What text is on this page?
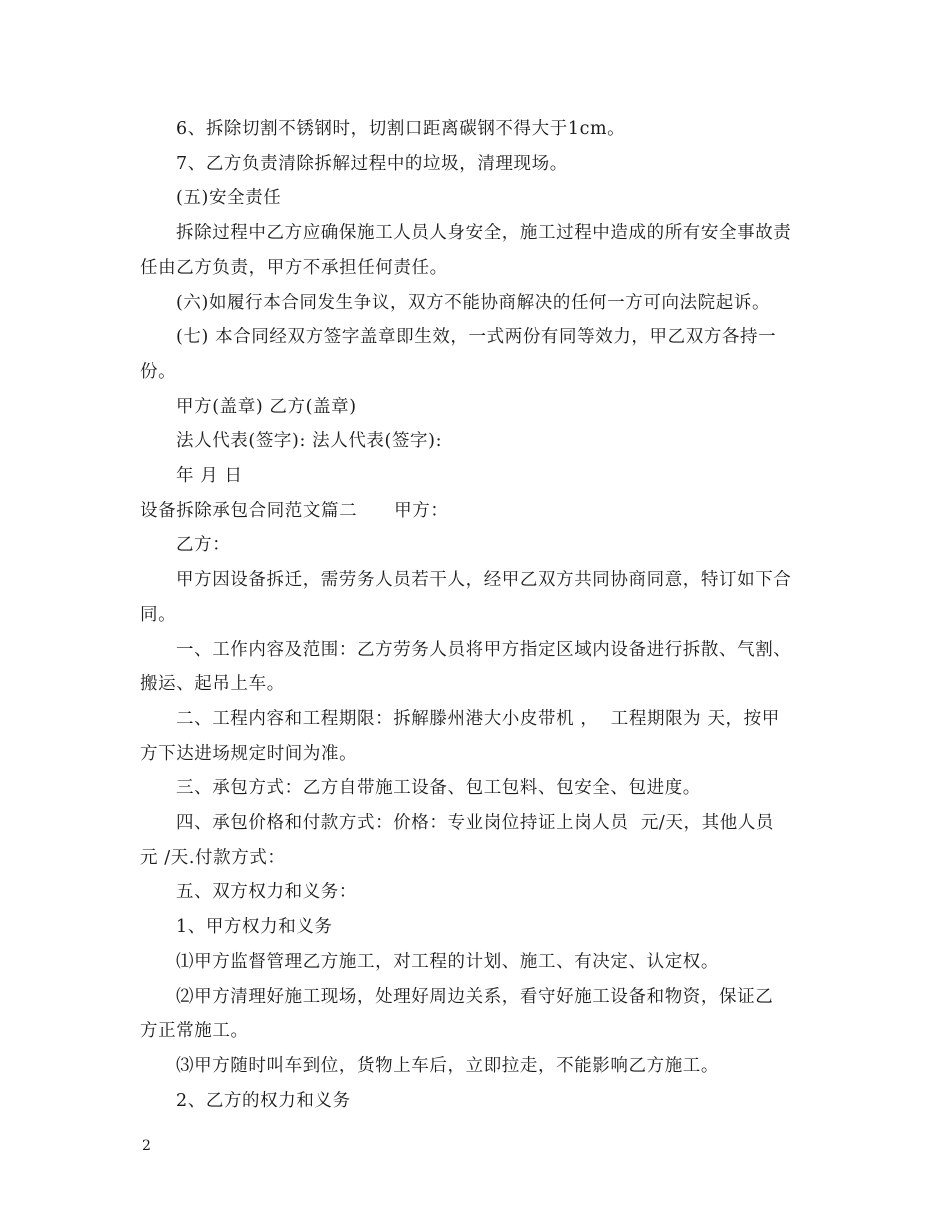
6、拆除切割不锈钢时，切割口距离碳钢不得大于1cm。
7、乙方负责清除拆解过程中的垃圾，清理现场。
(五)安全责任
拆除过程中乙方应确保施工人员人身安全，施工过程中造成的所有安全事故责
任由乙方负责，甲方不承担任何责任。
(六)如履行本合同发生争议，双方不能协商解决的任何一方可向法院起诉。
(七) 本合同经双方签字盖章即生效，一式两份有同等效力，甲乙双方各持一
份。
甲方(盖章) 乙方(盖章)
法人代表(签字): 法人代表(签字):
年 月 日
设备拆除承包合同范文篇二      甲方：
乙方：
甲方因设备拆迁，需劳务人员若干人，经甲乙双方共同协商同意，特订如下合
同。
一、工作内容及范围：乙方劳务人员将甲方指定区域内设备进行拆散、气割、
搬运、起吊上车。
二、工程内容和工程期限：拆解滕州港大小皮带机 ，  工程期限为 天，按甲
方下达进场规定时间为准。
三、承包方式：乙方自带施工设备、包工包料、包安全、包进度。
四、承包价格和付款方式：价格：专业岗位持证上岗人员  元/天，其他人员
元 /天.付款方式：
五、双方权力和义务：
1、甲方权力和义务
⑴甲方监督管理乙方施工，对工程的计划、施工、有决定、认定权。
⑵甲方清理好施工现场，处理好周边关系，看守好施工设备和物资，保证乙
方正常施工。
⑶甲方随时叫车到位，货物上车后，立即拉走，不能影响乙方施工。
2、乙方的权力和义务
2
